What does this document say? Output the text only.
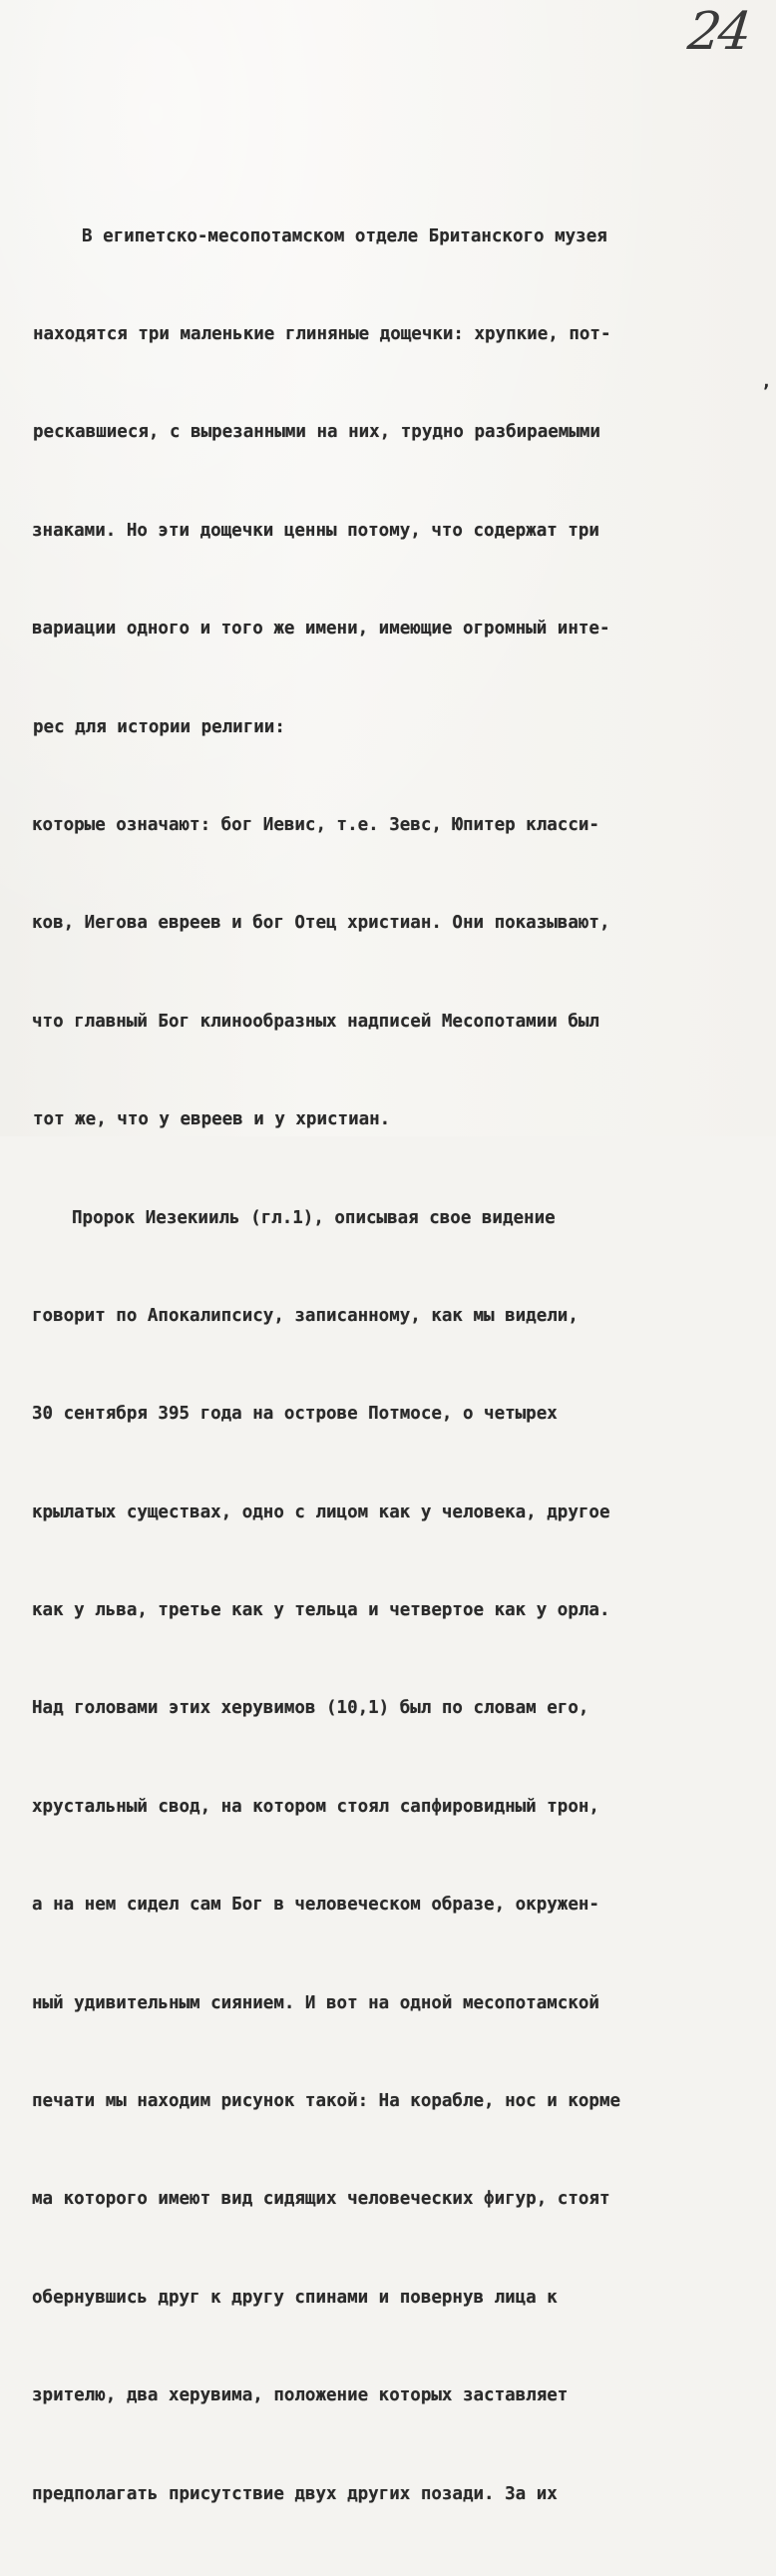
24
,

В египетско-месопотамском отделе Британского музея

находятся три маленькие глиняные дощечки: хрупкие, пот-

рескавшиеся, с вырезанными на них, трудно разбираемыми

знаками. Но эти дощечки ценны потому, что содержат три

вариации одного и того же имени, имеющие огромный инте-

рес для истории религии:

которые означают: бог Иевис, т.е. Зевс, Юпитер класси-

ков, Иегова евреев и бог Отец христиан. Они показывают,

что главный Бог клинообразных надписей Месопотамии был

тот же, что у евреев и у христиан.

Пророк Иезекииль (гл.1), описывая свое видение

говорит по Апокалипсису, записанному, как мы видели,

30 сентября 395 года на острове Потмосе, о четырех

крылатых существах, одно с лицом как у человека, другое

как у льва, третье как у тельца и четвертое как у орла.

Над головами этих херувимов (10,1) был по словам его,

хрустальный свод, на котором стоял сапфировидный трон,

а на нем сидел сам Бог в человеческом образе, окружен-

ный удивительным сиянием. И вот на одной месопотамской

печати мы находим рисунок такой: На корабле, нос и корме

ма которого имеют вид сидящих человеческих фигур, стоят

обернувшись друг к другу спинами и повернув лица к

зрителю, два херувима, положение которых заставляет

предполагать присутствие двух других позади. За их
